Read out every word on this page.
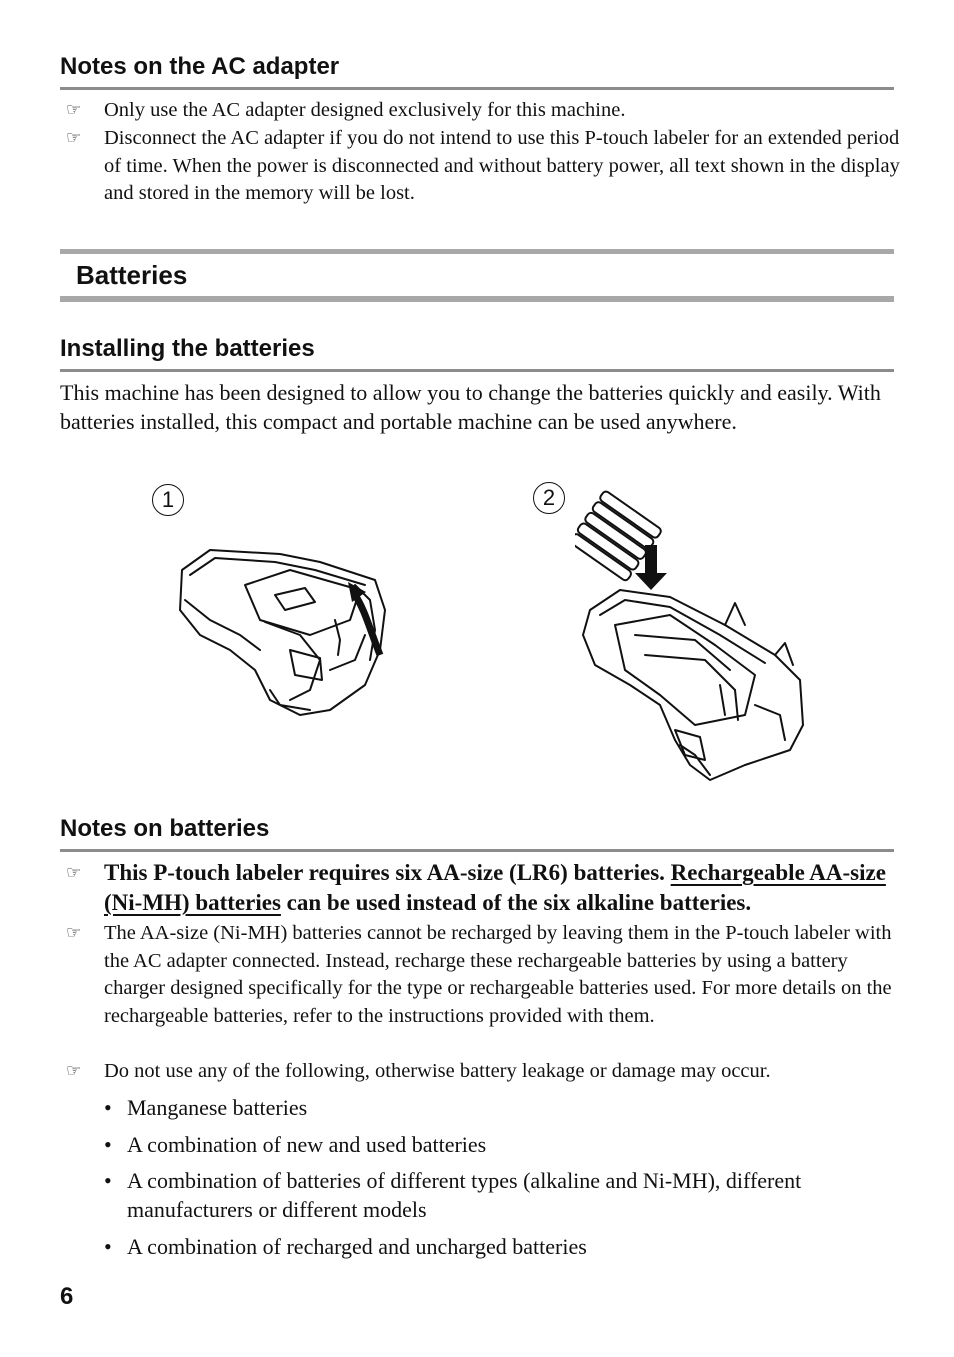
Notes on the AC adapter
☞ Only use the AC adapter designed exclusively for this machine.
☞ Disconnect the AC adapter if you do not intend to use this P-touch labeler for an extended period of time. When the power is disconnected and without battery power, all text shown in the display and stored in the memory will be lost.
Batteries
Installing the batteries
This machine has been designed to allow you to change the batteries quickly and easily. With batteries installed, this compact and portable machine can be used anywhere.
1	2
Notes on batteries
☞ This P-touch labeler requires six AA-size (LR6) batteries. Rechargeable AA-size (Ni-MH) batteries can be used instead of the six alkaline batteries.
☞ The AA-size (Ni-MH) batteries cannot be recharged by leaving them in the P-touch labeler with the AC adapter connected. Instead, recharge these rechargeable batteries by using a battery charger designed specifically for the type or rechargeable batteries used. For more details on the rechargeable batteries, refer to the instructions provided with them.
☞ Do not use any of the following, otherwise battery leakage or damage may occur.
• Manganese batteries
• A combination of new and used batteries
• A combination of batteries of different types (alkaline and Ni-MH), different manufacturers or different models
• A combination of recharged and uncharged batteries
6
